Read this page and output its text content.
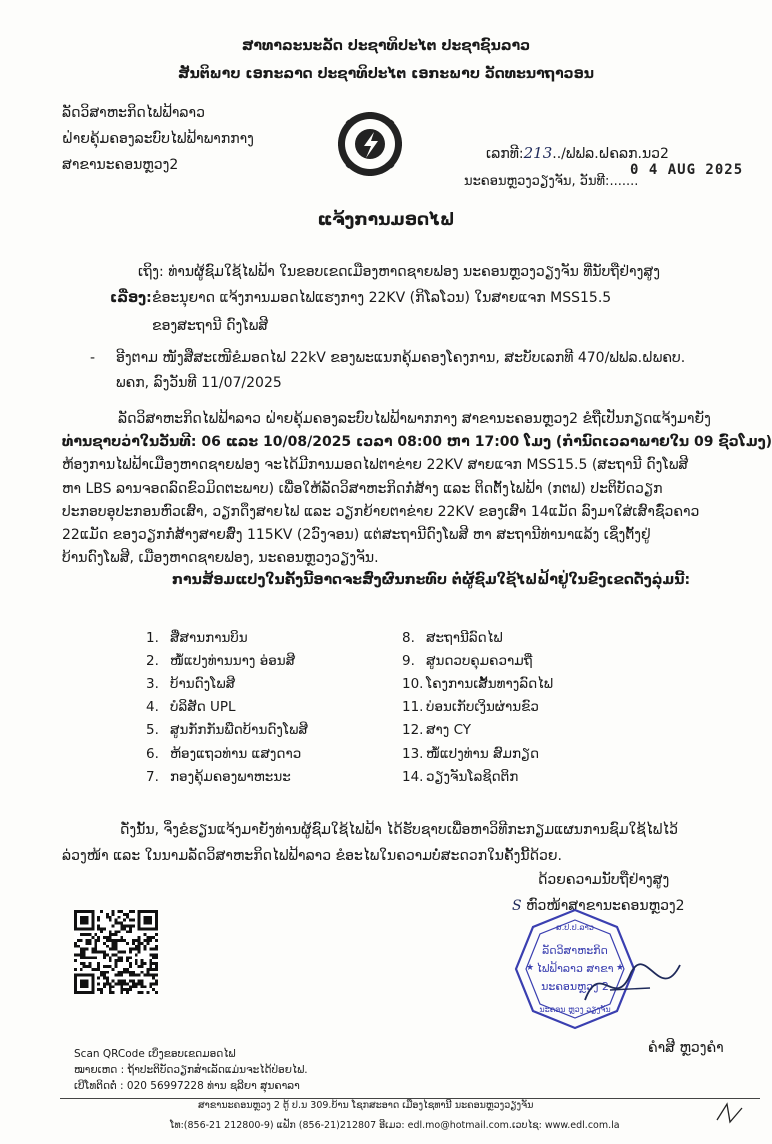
ສາທາລະນະລັດ ປະຊາທິປະໄຕ ປະຊາຊົນລາວ
ສັນຕິພາບ ເອກະລາດ ປະຊາທິປະໄຕ ເອກະພາບ ວັດທະນາຖາວອນ
ລັດວິສາຫະກິດໄຟຟ້າລາວ
ຝ່າຍຄຸ້ມຄອງລະບົບໄຟຟ້າພາກກາງ
ສາຂານະຄອນຫຼວງ2
ເລກທີ:213../ຟຟລ.ຝຄລກ.ນວ2
ນະຄອນຫຼວງວຽງຈັນ, ວັນທີ:.......
0 4 AUG 2025
ແຈ້ງການມອດໄຟ
ເຖິງ: ທ່ານຜູ້ຊົມໃຊ້ໄຟຟ້າ ໃນຂອບເຂດເມືອງຫາດຊາຍຟອງ ນະຄອນຫຼວງວຽງຈັນ ທີ່ນັບຖືຢ່າງສູງ
ເລື່ອງ:ຂໍອະນຸຍາດ ແຈ້ງການມອດໄຟແຮງກາງ 22KV (ກິໂລໂວນ) ໃນສາຍແຈກ MSS15.5
ຂອງສະຖານີ ດົງໂພສີ
- ອີງຕາມ ໜັງສືສະເໜີຂໍມອດໄຟ 22kV ຂອງພະແນກຄຸ້ມຄອງໂຄງການ, ສະບັບເລກທີ 470/ຟຟລ.ຝພຄບ.
ພຄກ, ລົງວັນທີ 11/07/2025

ລັດວິສາຫະກິດໄຟຟ້າລາວ ຝ່າຍຄຸ້ມຄອງລະບົບໄຟຟ້າພາກກາງ ສາຂານະຄອນຫຼວງ2 ຂໍຖືເປັນກຽດແຈ້ງມາຍັງ

ທ່ານຊາບວ່າໃນວັນທີ: 06 ແລະ 10/08/2025 ເວລາ 08:00 ຫາ 17:00 ໂມງ (ກໍານົດເວລາພາຍໃນ 09 ຊົ່ວໂມງ)

ຫ້ອງການໄຟຟ້າເມືອງຫາດຊາຍຟອງ ຈະໄດ້ມີການມອດໄຟຕາຂ່າຍ 22KV ສາຍແຈກ MSS15.5 (ສະຖານີ ດົງໂພສີ

ຫາ LBS ລານຈອດລົດຂົວມິດຕະພາບ) ເພື່ອໃຫ້ລັດວິສາຫະກິດກໍ່ສ້າງ ແລະ ຕິດຕັ້ງໄຟຟ້າ (ກຕຟ) ປະຕິບັດວຽກ

ປະກອບອຸປະກອນຫົວເສົາ, ວຽກດຶງສາຍໄຟ ແລະ ວຽກຍ້າຍຕາຂ່າຍ 22KV ຂອງເສົາ 14ແມັດ ລົງມາໃສ່ເສົາຊົ່ວຄາວ

22ແມັດ ຂອງວຽກກໍ່ສ້າງສາຍສົ່ງ 115KV (2ວົງຈອນ) ແຕ່ສະຖານີດົງໂພສີ ຫາ ສະຖານີທ່ານາແລ້ງ ເຊິ່ງຕັ້ງຢູ່

ບ້ານດົງໂພສີ, ເມືອງຫາດຊາຍຟອງ, ນະຄອນຫຼວງວຽງຈັນ.

ການສ້ອມແປງໃນຄັ້ງນີ້ອາດຈະສົ່ງຜົນກະທົບ ຕໍ່ຜູ້ຊົມໃຊ້ໄຟຟ້າຢູ່ໃນຂົງເຂດດັ່ງລຸ່ມນີ້:
1. ສື່ສານການບິນ
2. ໜໍ້ແປງທ່ານນາງ ອ່ອນສີ
3. ບ້ານດົງໂພສີ
4. ບໍລິສັດ UPL
5. ສູນກັກກັນພືດບ້ານດົງໂພສີ
6. ຫ້ອງແຖວທ່ານ ແສງດາວ
7. ກອງຄຸ້ມຄອງພາຫະນະ
8. ສະຖານີລົດໄຟ
9. ສູນດວບຄຸມຄວາມຖີ່
10. ໂຄງການເສັ້ນທາງລົດໄຟ
11. ບ່ອນເກັບເງິນຜ່ານຂົວ
12. ສາງ CY
13. ໜໍ້ແປງທ່ານ ສົມກຽດ
14. ວຽງຈັນໂລຊິດຕິກ
ດັ່ງນັ້ນ, ຈິ່ງຂໍຮຽນແຈ້ງມາຍັງທ່ານຜູ້ຊົມໃຊ້ໄຟຟ້າ ໄດ້ຮັບຊາບເພື່ອຫາວິທີກະກຽມແຜນການຊົມໃຊ້ໄຟໄວ້
ລ່ວງໜ້າ ແລະ ໃນນາມລັດວິສາຫະກິດໄຟຟ້າລາວ ຂໍອະໄພໃນຄວາມບໍ່ສະດວກໃນຄັ້ງນີ້ດ້ວຍ.
ດ້ວຍຄວາມນັບຖືຢ່າງສູງ
S ຫົວໜ້າສາຂານະຄອນຫຼວງ2
ສ.ປ.ປ.ລາວ
ລັດວິສາຫະກິດ
ໄຟຟ້າລາວ ສາຂາ
ນະຄອນຫຼວງ 2
ນະຄອນ ຫຼວງ ວຽງຈັນ
★	★
ຄຳສີ ຫຼວງຄຳ
Scan QRCode ເບິ່ງຂອບເຂດມອດໄຟ
ໝາຍເຫດ : ຖ້າປະຕິບັດວຽກສຳເລັດແມ່ນຈະໄດ້ປ່ອຍໄຟ.
ເບີໂທຕິດຕໍ່ : 020 56997228 ທ່ານ ຊລີຍາ ສຸນຄາລາ
ສາຂານະຄອນຫຼວງ 2 ຕູ້ ປ.ນ 309.ບ້ານ ໂຊກສະອາດ ເມືອງໄຊທານີ ນະຄອນຫຼວງວຽງຈັນ
ໂທ:(856-21 212800-9) ແຟັກ (856-21)212807 ອີເມວ: edl.mo@hotmail.com.ເວບໄຊ: www.edl.com.la
